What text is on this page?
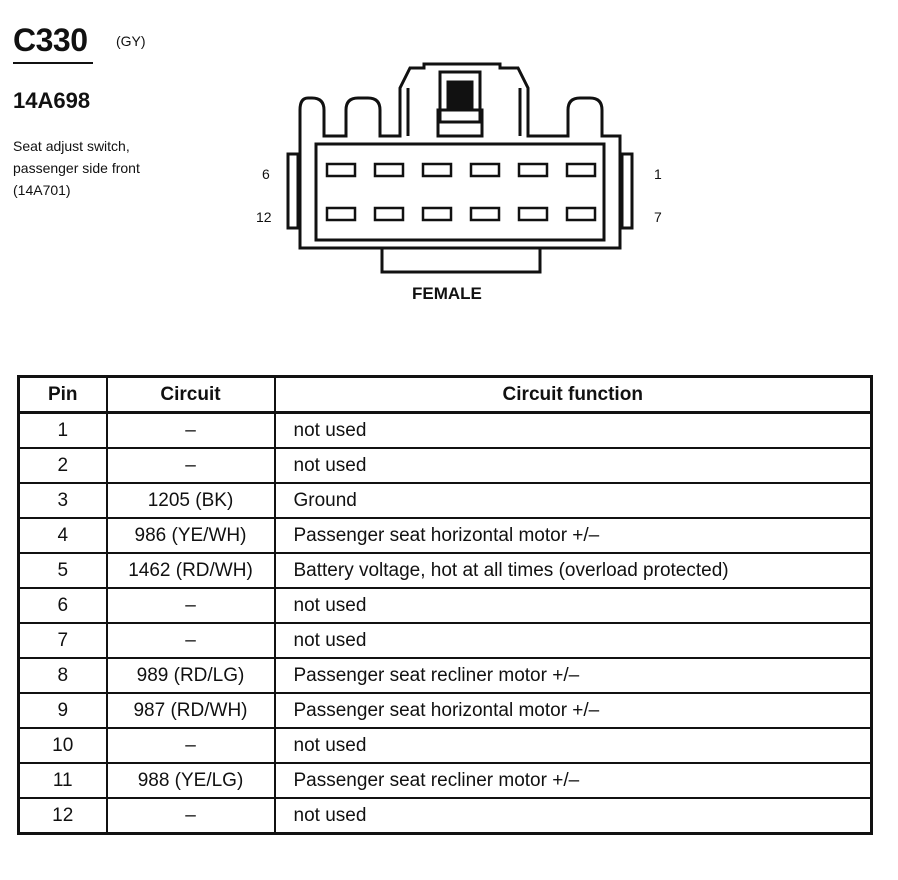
C330 (GY)
14A698
Seat adjust switch,
passenger side front
(14A701)
6	1
12	7
FEMALE
Pin	Circuit	Circuit function
1	–	not used
2	–	not used
3	1205 (BK)	Ground
4	986 (YE/WH)	Passenger seat horizontal motor +/–
5	1462 (RD/WH)	Battery voltage, hot at all times (overload protected)
6	–	not used
7	–	not used
8	989 (RD/LG)	Passenger seat recliner motor +/–
9	987 (RD/WH)	Passenger seat horizontal motor +/–
10	–	not used
11	988 (YE/LG)	Passenger seat recliner motor +/–
12	–	not used
